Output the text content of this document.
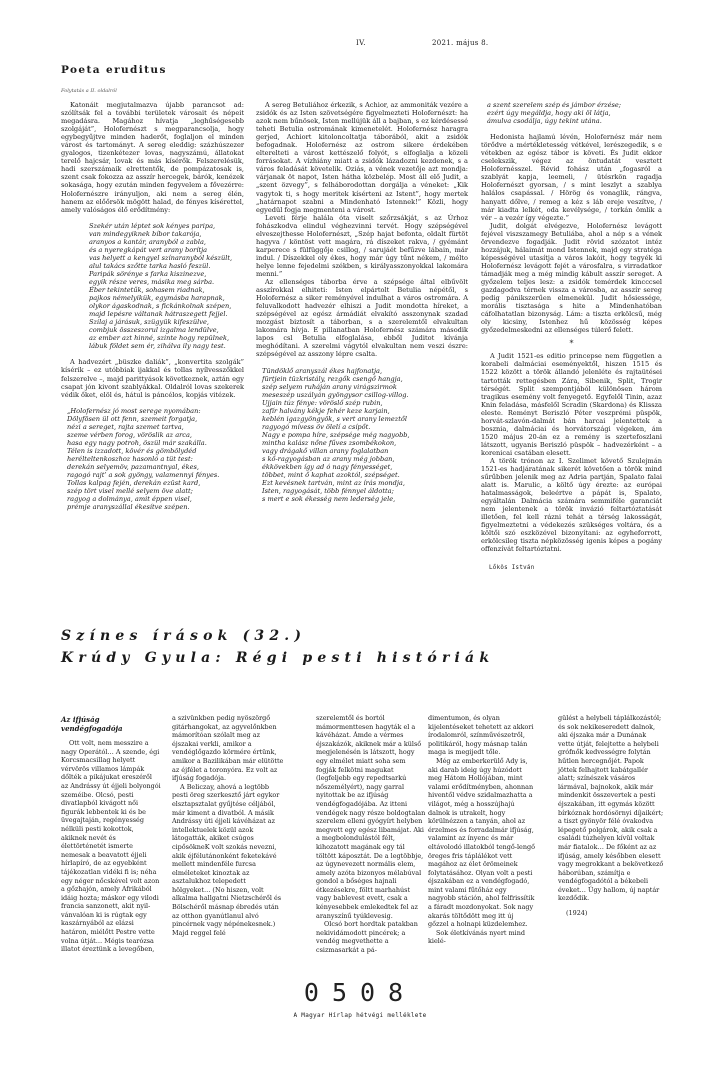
IV.	2021. május 8.
Poeta eruditus
Folytatás a II. oldalról

Katonáit megjutalmazva újabb parancsot ad: szólítsák fel a további területek városait és népeit megadásra. Magához hívatja „leghűségesebb szolgáját”, Holofernészt s megparancsolja, hogy egybegyűjtve minden haderőt, foglaljon el minden várost és tartományt. A sereg eleddig: százhúszezer gyalogos, tizenkétezer lovas, nagyszámú, állatokat terelő hajcsár, lovak és más kísérők. Felszerelésük, hadi szerszámaik elrettentők, de pompázatosak is, szent csak fokozza az asszír hercegek, bárók, kenézek sokasága, hogy ezután minden fegyvelem a fővezérre: Holofernészre irányuljon, aki nem a sereg élén, hanem az előőrsök mögött halad, de fényes kísérettel, amely valóságos élő erődítmény:

Szekér után léptet sok kényes paripa,
van mindegyiknek bíbor takarója,
aranyos a kantár, aranyból a zabla,
és a nyeregkápát vert arany borítja
vas helyett a kengyel színaranyból készült,
alul takács szőtte tarka hasló feszül.
Paripák sörénye s farka kiszinezve,
egyik része veres, másika meg sárba.
Éber tekintetűk, sohasem riadnak,
pajkos némelyikük, egymásba harapnak,
olykor ágaskodnak, s fickánkolnak szépen,
majd lepésre váltanak hátraszegett fejjel.
Szilaj a járásuk, szügyük kifeszülve,
combjuk összeszorul izgalma lendülve,
az ember azt hinné, szinte hogy repülnek,
lábuk földet sem ér, zihálva ily nagy test.

A hadvezért „büszke daliák”, „konvertita szolgák” kísérik – ez utóbbiak ijakkal és tollas nyílvesszőkkel felszerelve –, majd parittyások következnek, aztán egy csapat jón kivont szablyákkal. Oldalról lovas szekerek védik őket, elöl és, hátul is páncélos, kopjás vitézek.

„Holofernész jó most serege nyomában:
Dölyfösen ül ott fenn, szemeit forgatja,
nézi a sereget, rajta szemet tartva,
szeme vérben forog, vöröslik az arca,
hasa egy nagy potroh, öszül már szakálla.
Télen is izzadott, kövér és gömbölydéd
herélteltenkoszhoz hasonló a tüt test:
derekán selyemöv, pazamantnyal, ékes,
ragogó rajt’ a sok gyöngy, valamennyi fényes.
Tollas kalpag fején, derekán ezüst kard,
szép tört visel mellé selyem öve alatt;
ragyog a dolmánya, amit éppen visel,
prémje aranyszállal ékesítve szépen.

A sereg Betuliához érkezik, s Achior, az ammoniták vezére a zsidók és az Isten szövetségére figyelmezteti Holofernészt: ha azok nem bűnösek, Isten mellújük áll a bajban, s ez kérdésessé teheti Betulia ostromának kimenetelét. Holofernész haragra gerjed, Achiort kitoloncoltatja táborából, akit a zsidók befogadnak. Holofernész az ostrom sikere érdekében elterelteti a várost kettészelő folyót, s elfoglalja a közeli forrásokat. A vízhiány miatt a zsidók lázadozni kezdenek, s a város feladását követelik. Oziás, a vének vezetője azt mondja: várjanak öt napot, Isten hátha közbelép. Most áll elő Judit, a „szent özvegy”, s felháborodottan dorgálja a véneket: „Kik vagytok ti, s hogy meritek kísérteni az Istent”, hogy mertek „határnapot szabni a Mindenható Istennek!” Közli, hogy egyedül fogja megmenteni a várost.

Leveti férje halála óta viselt szőrzsákját, s az Úrhoz fohászkodva elindul véghezvinni tervét. Hogy szépségével elveszejthesse Holofernészt, „Szép hajat befonta, oldalt fürtöt hagyva / köntöst vett magára, rá díszeket rakva, / gyémánt karperece s fülfüggője csillog, / sarujáét befűzve lábain, már indul. / Díszekkel oly ékes, hogy már úgy tűnt nékem, / mélto helye lenne fejedelmi székben, s királyasszonyokkal lakomára menni.”

Az ellenséges táborba érve a szépsége által elbűvölt asszírokkal elhiteti: Isten elpártolt Betulia népétől, s Holofernész a siker reményével indulhat a város ostromára. A feluvalkodott hadvezér elhiszi a Judit mondotta híreket, a szépségével az egész ármádiát elvakító asszonynak szadad mozgást biztosít a táborban, s a szerelemtől elvakultan lakomára hívja. E pillanatban Holofernész számára második lapos csl Betulia elfoglalása, ebből Juditot kívánja meghódítani. A szerelmi vágytól elvakultan nem veszi észre: szépségével az asszony lépre csalta.

Tündöklő aranyszál ékes hajfonatja,
fürtjein tüzkristály, rezgők csengő hangja,
szép selyem ruháján arany virágszirmok
meseszép uszályán gyöngysor csillog-villog.
Ujjain túz fénye: vöröslő szép rubin,
zafír halvány kékje fehér keze karjain,
keblén igazgyöngyök, s vert arany lemeztől
ragyogó mívess öv ölelí a csípőt.
Nagy e pompa híre, szépsége még nagyobb,
mintha kalász nőne fűves zsombékokon,
vagy drágakő villan arany foglalatban
s kő-ragyogásban az arany még jobban,
ékkövekben így ad ó nagy fényességet,
többet, mint ő kaphat azoktól, szépséget.
Ezt kevésnek tartván, mint az írás mondja,
Isten, ragyogását, több fénnyel áldotta;
s mert e sok ékesség nem lederség jele,
a szent szerelem szép és jámbor érzése;
ezért úgy megáldja, hogy aki öl látja,
ámulva csodálja, úgy tekint utána.

Hedonista hajlamú lévén, Holofernész már nem törődve a mértékletesség vétkével, lerészegedik, s e vétekben az egész tábor is követi. És Judit ekkor cselekszik, végez az öntudatát vesztett Holofernésszel. Révid fohász után „fogasról a szablyát kapja, leemeli, / ütésrkön ragadja Holofernészt gyorsan, / s mint leszlyt a szablya halálos csapással. / Hörög és vonaglik, rángva, hanyatt dőlve, / remeg a kéz s láb ereje veszítve, / már kiadta lelkét, oda kevélysége, / torkán ömlik a vér – a vezér így végezte.”

Judit, dolgát elvégezve, Holofernész levágott fejével viszszamegy Betuliába, ahol a nép s a vének örvendezve fogadják. Judit rövid szózatot intéz hozzájuk, hálaimát mond Istennek, majd egy stratéga képességével utasítja a város lakóit, hogy tegyék ki Holofernész levágott fejét a városfalra, s virradatkor támadják meg a még mindig kábult asszír sereget. A győzelem teljes lesz: a zsidók temérdek kincccsel gazdagodva térnek vissza a városba, az asszír sereg pedig pánikszerűen elmenekül. Judit hősiessége, morális tisztasága s hite a Mindenhatóban cáfolhatatlan bizonyság. Lám: a tiszta erkölcsű, még oly kicsiny, Istenhez hű közösség képes győzedelmeskedni az ellenséges túlerő felett.

*

A Judit 1521-es editio princepse nem független a korabeli dalmáciai eseményektől, hiszen 1515 és 1522 között a török állandó jelenléte és rajtaütései tartották rettegésben Zára, Sibenik, Split, Trogir térségét. Split szempontjából különösen három tragikus esemény volt fenyegető. Egyfelől Tinin, azaz Knin feladása, másfelől Scradin (Skardona) és Klissza eleste. Reményt Beriszló Péter veszprémi püspök, horvát-szlavón-dalmát bán harcai jelentettek a bosznia, dalmáciai és horvátországi végeken, ám 1520 május 20-án ez a remény is szertefoszlani látszott, ugyanis Beriszló püspök – hadvezérként – a korenicai csatában elesett.

A török trónon az I. Szelimet követő Szulejmán 1521-es hadjáratának sikerét követően a török mind sűrűbben jelenik meg az Adria partján, Spalato falai alatt is. Marulic, a költő úgy érezte: az európai hatalmasságok, beleértve a pápát is, Spalato, egyáltalán Dalmácia számára semmiféle garanciát nem jelentenek a török invázió feltartóztatását illetően, fel kell rázni tehát a térség lakosságát, figyelmeztetni a védekezés szükséges voltára, és a költői szó eszközével bizonyítani: az egyheforrott, erkölcsileg tiszta népközösség igenis képes a pogány offenzívát feltartóztatni.

Lőkös István
Színes írások (32.)
Krúdy Gyula: Régi pesti históriák
Az ifjúság vendégfogadója

Ott volt, nem messzire a nagy Operától… A szende, égi Korcsmacsillag helyett vérvörös villamos lámpák dőlték a pikájukat ereszéről az Andrássy út éjjeli bolyongói szeméibe. Olcsó, pesti divatlapból kivágott női figurák lebbentek ki és be üvegajtaján, regényesség nélküli pesti kokottok, akiknek nevét és élettörténetét ismerte nemesak a beavatott éjjeli hírlapíró, de az egyebként tájékozatlan vidéki fi is; néha egy néger nőcskével volt azon a gőzhajón, amely Afrikából idáig hozta; máskor egy vilodi francia sanzonett, akit nyilvánvalóan ki is rúgtak egy kaszárnyából az elázsi határon, miélőtt Pestre vette volna útját… Mégis tearózsa illatot éreztünk a levegőben,

a szivünkben pedig nyöszörgő gitárhangokat, az agyvelőnkben mámorítóan szólalt meg az éjszakai verkli, amikor a vendéglőgazdo körmére értünk, amikor a Bazilikában már elütötte az éjfélet a toronyóra. Ez volt az ifjúság fogadója.

A Beliczay, ahová a legtöbb pesti öreg szerkesztő járt egykor elsztapsztalat gyűjtése céljából, már kiment a divatból. A másik Andrássy úti éjjeli kávéházat az intellektuelek közül azok látogatták, akiket csúgos cipősökneK volt szokás nevezni, akik éjfélutánonként feketekávé mellett mindenféle furcsa elméleteket kinoztak az asztalukhoz telepedett hölgyeket… (No hiszen, volt alkalma hallgatni Nietzschéről és Bölschéről másnap ébredés után az otthon gyanútlanul alvó pincérnek vagy népénekesnek.) Majd reggel felé

szerelemtől és bortól mámormenttesen hagyták el a kávéházat. Ámde a vérmes éjszakázók, akiknek már a külső megjelenésén is látszott, hogy egy elmélet miatt soha sem fogják felkötni magukat (legfeljebb egy repedtsarkú nőszemélyért), nagy garral nyitottak be az ifjúság vendégfogadójába. Az itteni vendégek nagy része boldogtalan szerelem elleni gyógyírt helyben megvett egy egész libamájat. Aki a megbolondulástól félt, kihozatott magának egy tál töltött káposztát. De a legtöbbje, az úgynevezett normális elem, amely azóta bizonyos mélabúval gondol a bőséges hajnali étkezésekre, föltt marhahúst vagy bablevest evett, csak a kényesebbek emlekedtek fel az aranyszínű tyúklevesig.

Olcsó bort hordtak patakban nekividámodott pincérek; a vendég megvethette a csizmasarkát a pá-

dimentumon, és olyan kijelentéseket tehetett az akkori írodalomról, színművészetről, politikáról, hogy másnap talán maga is megijedt tőle.

Még az emberkerülő Ady is, aki darab ideig úgy húzódott meg Hátom Hollójában, mint valami erődítményben, ahonnan hiventől védve szidalmazhatta a világot, még a hosszújhajú dalnok is utrakelt, hogy körülnézzen a tanyán, ahol az érzelmes és forradalmár ifjúság, valamint az ínyenc és már eltávolodó illatokból tengő-lengő öreges fris táplálékot vett magához az élet örömeinek folytatásához. Olyan volt a pesti éjszakában ez a vendégfogadó, mint valami fűtőház egy nagyobb stáción, ahol felfrissítik a fáradt mozdonyokat. Sok nagy akarás töltődött meg itt új gőzzel a holnapi küzdelemhez.

Sok életkívánás nyert mind kielé-

gülést a helybeli táplálkozástól; és sok nekikeseredett dalnok, aki éjszaka már a Dunának vette útját, felejtette a helybeli grófnők kedvességre folytán hűtlen hercegnőjét. Papok jöttek felhajtott kabátgallér alatt; színészek vásáros lármával, bajnokok, akik már mindenkit összevertek a pesti éjszakában, itt egymás között bírkóznak hordósörnyi díjaikért; a tiszt gyönyör félé óvakodva lépegető polgárok, akik csak a családi túzhelyen kívül voltak már fiatalok… De főként az az ifjúság, amely későbben elesett vagy megrokkant a bekövetkező háborúban, számítja e vendégfogadótól a békebeli éveket… Úgy hallom, új naptár kezdődik.

(1924)

0508
A Magyar Hírlap hétvégi melléklete
